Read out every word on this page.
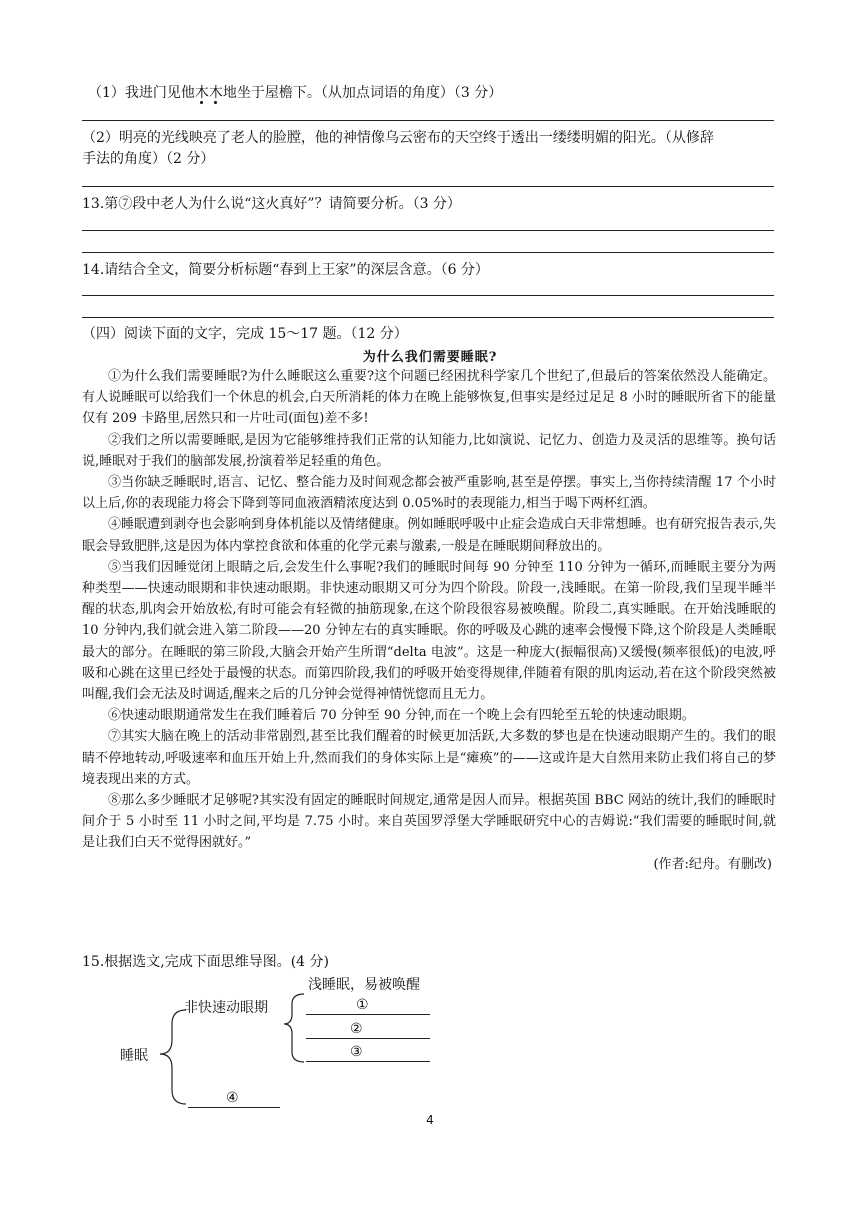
（1）我进门见他木木地坐于屋檐下。（从加点词语的角度）（3 分）
（2）明亮的光线映亮了老人的脸膛，他的神情像乌云密布的天空终于透出一缕缕明媚的阳光。（从修辞
手法的角度）（2 分）
13.第⑦段中老人为什么说“这火真好”？请简要分析。（3 分）
14.请结合全文，简要分析标题“春到上王家”的深层含意。（6 分）
（四）阅读下面的文字，完成 15～17 题。（12 分）
为什么我们需要睡眠?

①为什么我们需要睡眠?为什么睡眠这么重要?这个问题已经困扰科学家几个世纪了,但最后的答案依然没人能确定。有人说睡眠可以给我们一个休息的机会,白天所消耗的体力在晚上能够恢复,但事实是经过足足 8 小时的睡眠所省下的能量仅有 209 卡路里,居然只和一片吐司(面包)差不多!

②我们之所以需要睡眠,是因为它能够维持我们正常的认知能力,比如演说、记忆力、创造力及灵活的思维等。换句话说,睡眠对于我们的脑部发展,扮演着举足轻重的角色。

③当你缺乏睡眠时,语言、记忆、整合能力及时间观念都会被严重影响,甚至是停摆。事实上,当你持续清醒 17 个小时以上后,你的表现能力将会下降到等同血液酒精浓度达到 0.05%时的表现能力,相当于喝下两杯红酒。

④睡眠遭到剥夺也会影响到身体机能以及情绪健康。例如睡眠呼吸中止症会造成白天非常想睡。也有研究报告表示,失眠会导致肥胖,这是因为体内掌控食欲和体重的化学元素与激素,一般是在睡眠期间释放出的。

⑤当我们因睡觉闭上眼睛之后,会发生什么事呢?我们的睡眠时间每 90 分钟至 110 分钟为一循环,而睡眠主要分为两种类型——快速动眼期和非快速动眼期。非快速动眼期又可分为四个阶段。阶段一,浅睡眠。在第一阶段,我们呈现半睡半醒的状态,肌肉会开始放松,有时可能会有轻微的抽筋现象,在这个阶段很容易被唤醒。阶段二,真实睡眠。在开始浅睡眠的 10 分钟内,我们就会进入第二阶段——20 分钟左右的真实睡眠。你的呼吸及心跳的速率会慢慢下降,这个阶段是人类睡眠最大的部分。在睡眠的第三阶段,大脑会开始产生所谓“delta 电波”。这是一种庞大(振幅很高)又缓慢(频率很低)的电波,呼吸和心跳在这里已经处于最慢的状态。而第四阶段,我们的呼吸开始变得规律,伴随着有限的肌肉运动,若在这个阶段突然被叫醒,我们会无法及时调适,醒来之后的几分钟会觉得神情恍惚而且无力。

⑥快速动眼期通常发生在我们睡着后 70 分钟至 90 分钟,而在一个晚上会有四轮至五轮的快速动眼期。

⑦其实大脑在晚上的活动非常剧烈,甚至比我们醒着的时候更加活跃,大多数的梦也是在快速动眼期产生的。我们的眼睛不停地转动,呼吸速率和血压开始上升,然而我们的身体实际上是“瘫痪”的——这或许是大自然用来防止我们将自己的梦境表现出来的方式。

⑧那么多少睡眠才足够呢?其实没有固定的睡眠时间规定,通常是因人而异。根据英国 BBC 网站的统计,我们的睡眠时间介于 5 小时至 11 小时之间,平均是 7.75 小时。来自英国罗浮堡大学睡眠研究中心的吉姆说:“我们需要的睡眠时间,就是让我们白天不觉得困就好。”

(作者:纪舟。有删改)

15.根据选文,完成下面思维导图。(4 分)
睡眠
非快速动眼期
浅睡眠，易被唤醒
①
②
③
④
4
